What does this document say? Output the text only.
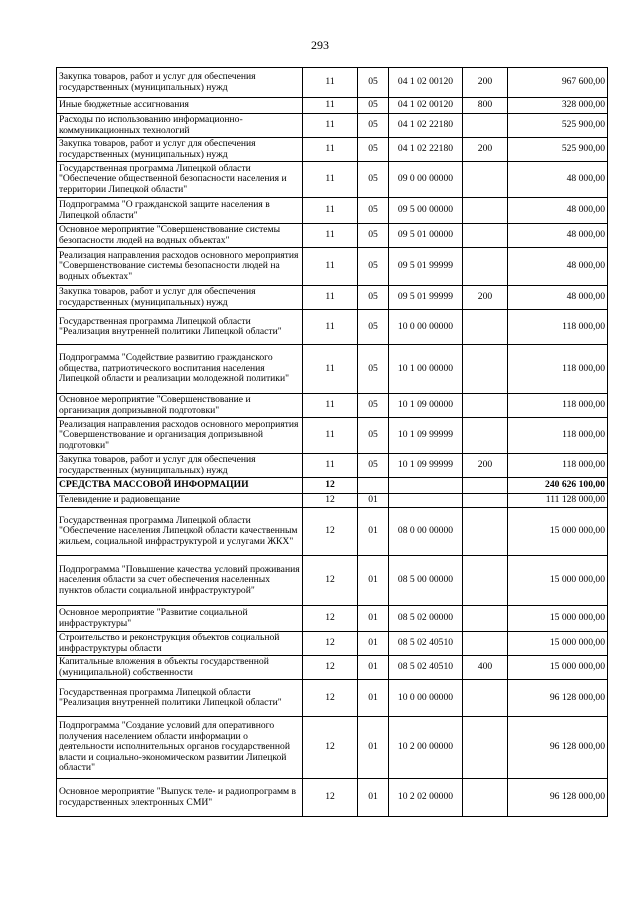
293
Закупка товаров, работ и услуг для обеспечения государственных (муниципальных) нужд	11	05	04 1 02 00120	200	967 600,00
Иные бюджетные ассигнования	11	05	04 1 02 00120	800	328 000,00
Расходы по использованию информационно-коммуникационных технологий	11	05	04 1 02 22180		525 900,00
Закупка товаров, работ и услуг для обеспечения государственных (муниципальных) нужд	11	05	04 1 02 22180	200	525 900,00
Государственная программа Липецкой области "Обеспечение общественной безопасности населения и территории Липецкой области"	11	05	09 0 00 00000		48 000,00
Подпрограмма "О гражданской защите населения в Липецкой области"	11	05	09 5 00 00000		48 000,00
Основное мероприятие "Совершенствование системы безопасности людей на водных объектах"	11	05	09 5 01 00000		48 000,00
Реализация направления расходов основного мероприятия "Совершенствование системы безопасности людей на водных объектах"	11	05	09 5 01 99999		48 000,00
Закупка товаров, работ и услуг для обеспечения государственных (муниципальных) нужд	11	05	09 5 01 99999	200	48 000,00
Государственная программа Липецкой области "Реализация внутренней политики Липецкой области"	11	05	10 0 00 00000		118 000,00
Подпрограмма "Содействие развитию гражданского общества, патриотического воспитания населения Липецкой области и реализации молодежной политики"	11	05	10 1 00 00000		118 000,00
Основное мероприятие "Совершенствование и организация допризывной подготовки"	11	05	10 1 09 00000		118 000,00
Реализация направления расходов основного мероприятия "Совершенствование и организация допризывной подготовки"	11	05	10 1 09 99999		118 000,00
Закупка товаров, работ и услуг для обеспечения государственных (муниципальных) нужд	11	05	10 1 09 99999	200	118 000,00
СРЕДСТВА МАССОВОЙ ИНФОРМАЦИИ	12				240 626 100,00
Телевидение и радиовещание	12	01			111 128 000,00
Государственная программа Липецкой области "Обеспечение населения Липецкой области качественным жильем, социальной инфраструктурой и услугами ЖКХ"	12	01	08 0 00 00000		15 000 000,00
Подпрограмма "Повышение качества условий проживания населения области за счет обеспечения населенных пунктов области социальной инфраструктурой"	12	01	08 5 00 00000		15 000 000,00
Основное мероприятие "Развитие социальной инфраструктуры"	12	01	08 5 02 00000		15 000 000,00
Строительство и реконструкция объектов социальной инфраструктуры области	12	01	08 5 02 40510		15 000 000,00
Капитальные вложения в объекты государственной (муниципальной) собственности	12	01	08 5 02 40510	400	15 000 000,00
Государственная программа Липецкой области "Реализация внутренней политики Липецкой области"	12	01	10 0 00 00000		96 128 000,00
Подпрограмма "Создание условий для оперативного получения населением области информации о деятельности исполнительных органов государственной власти и социально-экономическом развитии Липецкой области"	12	01	10 2 00 00000		96 128 000,00
Основное мероприятие "Выпуск теле- и радиопрограмм в государственных электронных СМИ"	12	01	10 2 02 00000		96 128 000,00
